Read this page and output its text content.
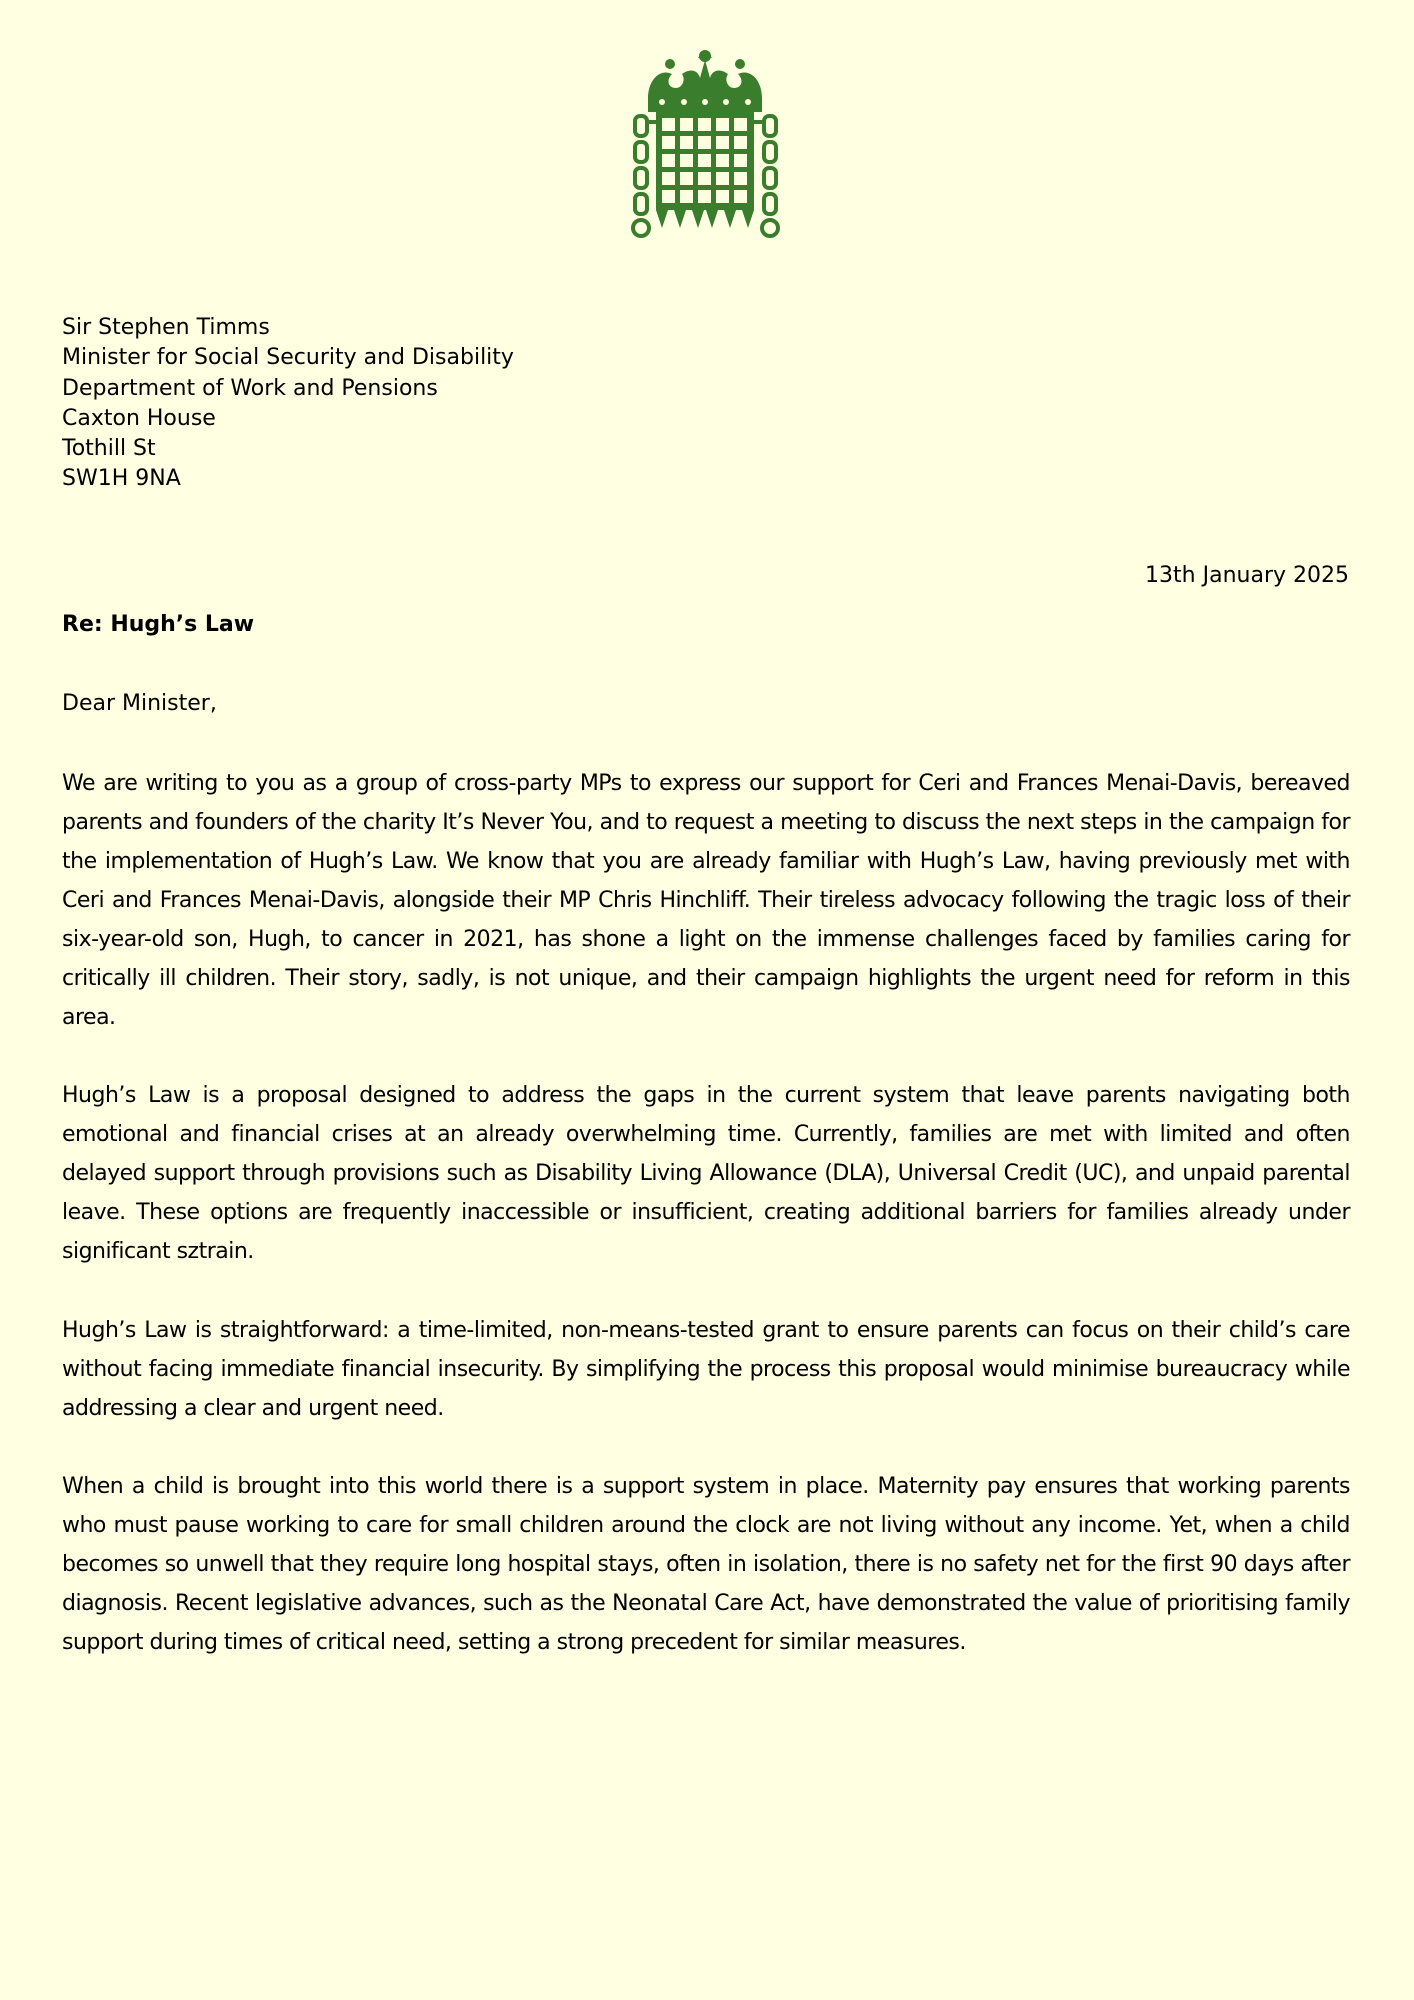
Sir Stephen Timms
Minister for Social Security and Disability
Department of Work and Pensions
Caxton House
Tothill St
SW1H 9NA
13th January 2025
Re: Hugh’s Law
Dear Minister,

We are writing to you as a group of cross-party MPs to express our support for Ceri and Frances Menai-Davis, bereaved parents and founders of the charity It’s Never You, and to request a meeting to discuss the next steps in the campaign for the implementation of Hugh’s Law. We know that you are already familiar with Hugh’s Law, having previously met with Ceri and Frances Menai-Davis, alongside their MP Chris Hinchliff. Their tireless advocacy following the tragic loss of their six-year-old son, Hugh, to cancer in 2021, has shone a light on the immense challenges faced by families caring for critically ill children. Their story, sadly, is not unique, and their campaign highlights the urgent need for reform in this area.

Hugh’s Law is a proposal designed to address the gaps in the current system that leave parents navigating both emotional and financial crises at an already overwhelming time. Currently, families are met with limited and often delayed support through provisions such as Disability Living Allowance (DLA), Universal Credit (UC), and unpaid parental leave. These options are frequently inaccessible or insufficient, creating additional barriers for families already under significant sztrain.

Hugh’s Law is straightforward: a time-limited, non-means-tested grant to ensure parents can focus on their child’s care without facing immediate financial insecurity. By simplifying the process this proposal would minimise bureaucracy while addressing a clear and urgent need.

When a child is brought into this world there is a support system in place. Maternity pay ensures that working parents who must pause working to care for small children around the clock are not living without any income. Yet, when a child becomes so unwell that they require long hospital stays, often in isolation, there is no safety net for the first 90 days after diagnosis. Recent legislative advances, such as the Neonatal Care Act, have demonstrated the value of prioritising family support during times of critical need, setting a strong precedent for similar measures.
